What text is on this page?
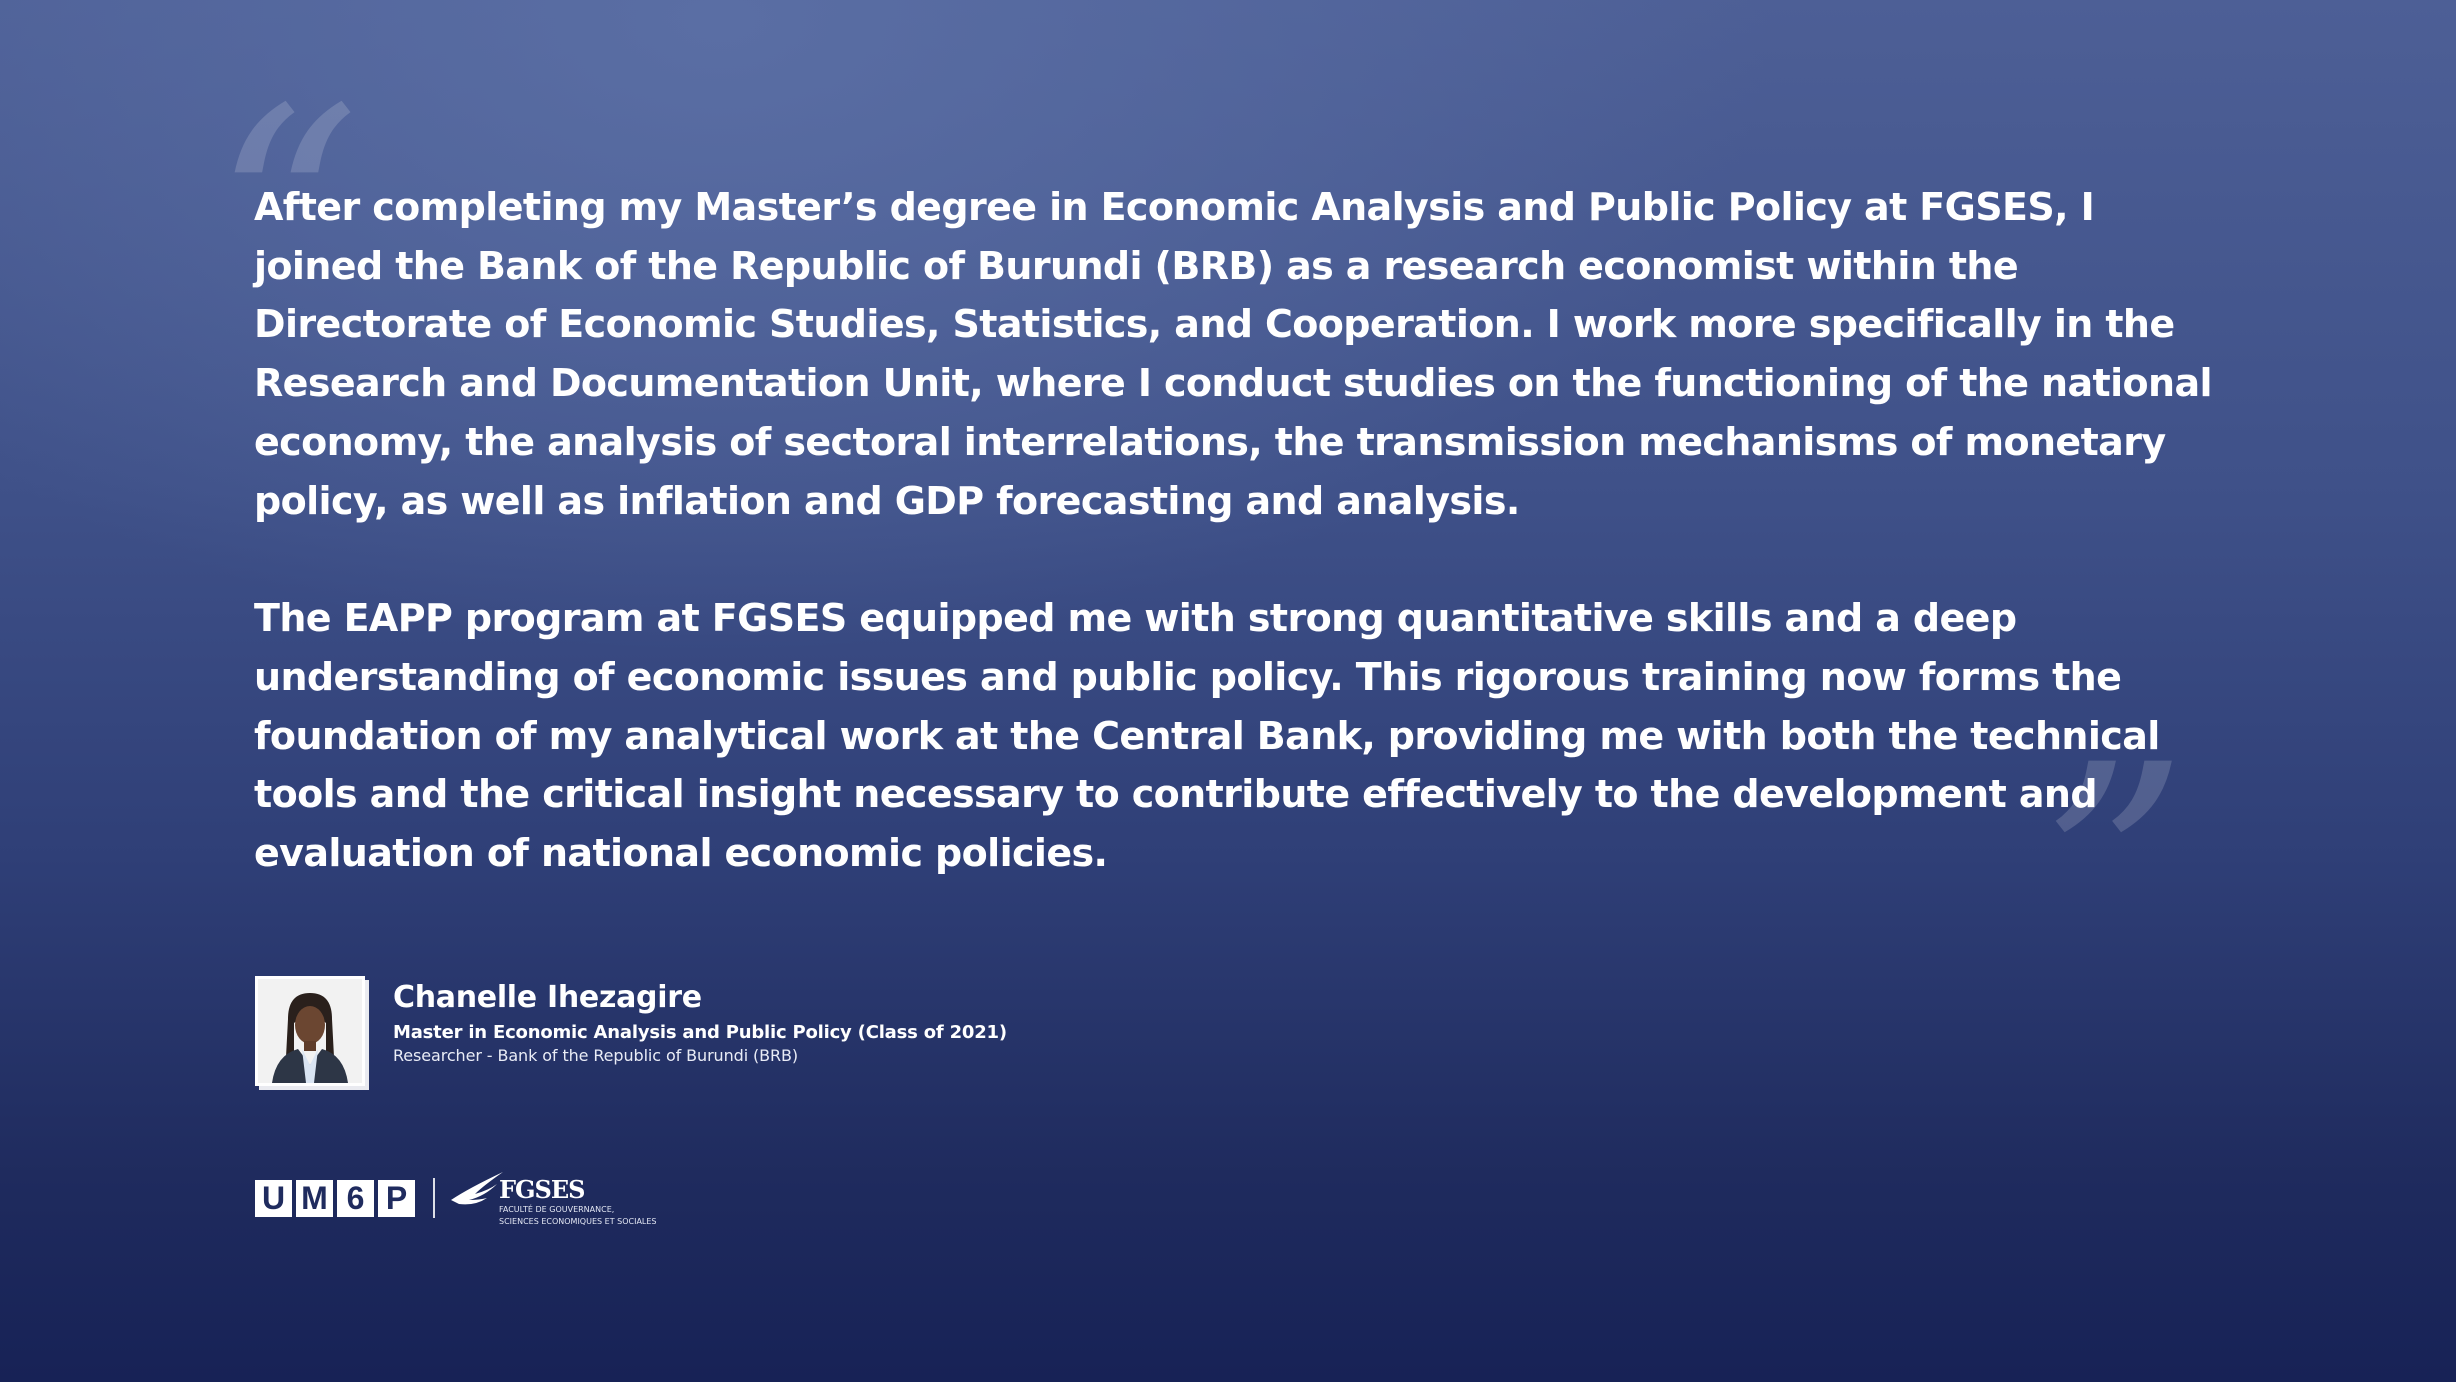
“
”

After completing my Master’s degree in Economic Analysis and Public Policy at FGSES, I joined the Bank of the Republic of Burundi (BRB) as a research economist within the Directorate of Economic Studies, Statistics, and Cooperation. I work more specifically in the Research and Documentation Unit, where I conduct studies on the functioning of the national economy, the analysis of sectoral interrelations, the transmission mechanisms of monetary policy, as well as inflation and GDP forecasting and analysis.

The EAPP program at FGSES equipped me with strong quantitative skills and a deep understanding of economic issues and public policy. This rigorous training now forms the foundation of my analytical work at the Central Bank, providing me with both the technical tools and the critical insight necessary to contribute effectively to the development and evaluation of national economic policies.

Chanelle Ihezagire
Master in Economic Analysis and Public Policy (Class of 2021)
Researcher - Bank of the Republic of Burundi (BRB)
U M 6 P	FGSES
FACULTÉ DE GOUVERNANCE,
SCIENCES ECONOMIQUES ET SOCIALES
